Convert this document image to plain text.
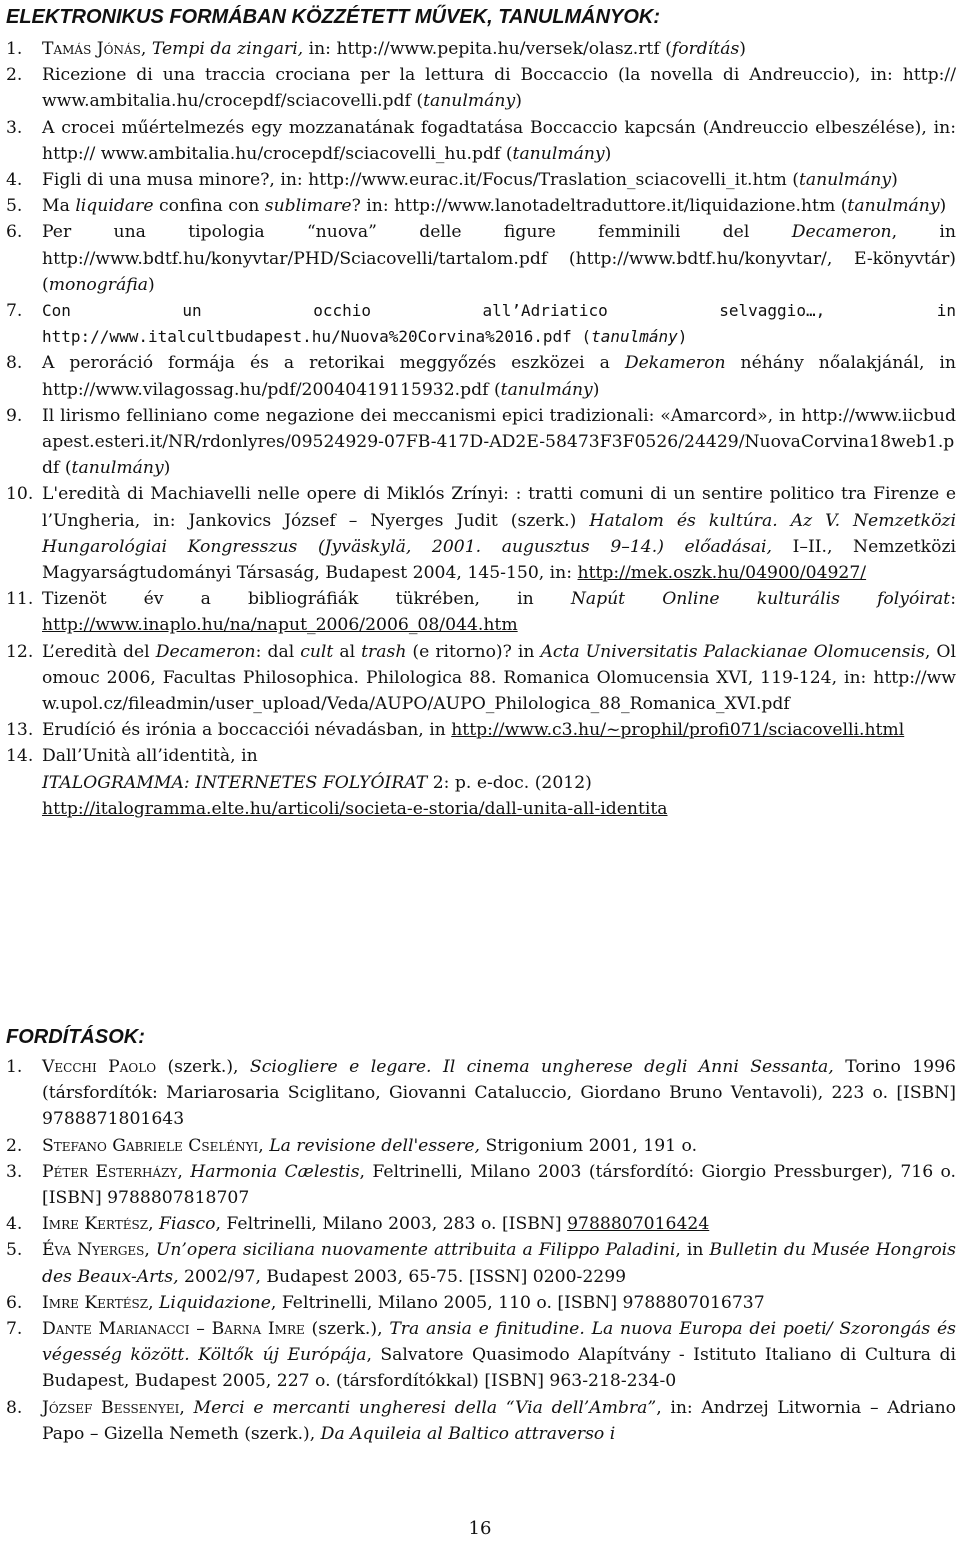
ELEKTRONIKUS FORMÁBAN KÖZZÉTETT MŰVEK, TANULMÁNYOK:
1.	Tamás Jónás, Tempi da zingari, in: http://www.pepita.hu/versek/olasz.rtf (fordítás)
2.	Ricezione di una traccia crociana per la lettura di Boccaccio (la novella di Andreuccio), in: http:// www.ambitalia.hu/crocepdf/sciacovelli.pdf (tanulmány)
3.	A crocei műértelmezés egy mozzanatának fogadtatása Boccaccio kapcsán (Andreuccio elbeszélése), in: http:// www.ambitalia.hu/crocepdf/sciacovelli_hu.pdf (tanulmány)
4.	Figli di una musa minore?, in: http://www.eurac.it/Focus/Traslation_sciacovelli_it.htm (tanulmány)
5.	Ma liquidare confina con sublimare? in: http://www.lanotadeltraduttore.it/liquidazione.htm (tanulmány)
6.	Per una tipologia “nuova” delle figure femminili del Decameron, in http://www.bdtf.hu/konyvtar/PHD/Sciacovelli/tartalom.pdf (http://www.bdtf.hu/konyvtar/, E-könyvtár) (monográfia)
7.	Con un occhio all’Adriatico selvaggio…, in http://www.italcultbudapest.hu/Nuova%20Corvina%2016.pdf (tanulmány)
8.	A peroráció formája és a retorikai meggyőzés eszközei a Dekameron néhány nőalakjánál, in http://www.vilagossag.hu/pdf/20040419115932.pdf (tanulmány)
9.	Il lirismo felliniano come negazione dei meccanismi epici tradizionali: «Amarcord», in http://www.iicbudapest.esteri.it/NR/rdonlyres/09524929-07FB-417D-AD2E-58473F3F0526/24429/NuovaCorvina18web1.pdf (tanulmány)
10. L'eredità di Machiavelli nelle opere di Miklós Zrínyi: : tratti comuni di un sentire politico tra Firenze e l’Ungheria, in: Jankovics József – Nyerges Judit (szerk.) Hatalom és kultúra. Az V. Nemzetközi Hungarológiai Kongresszus (Jyväskylä, 2001. augusztus 9–14.) előadásai, I–II., Nemzetközi Magyarságtudományi Társaság, Budapest 2004, 145-150, in: http://mek.oszk.hu/04900/04927/
11. Tizenöt év a bibliográfiák tükrében, in Napút Online kulturális folyóirat: http://www.inaplo.hu/na/naput_2006/2006_08/044.htm
12. L’eredità del Decameron: dal cult al trash (e ritorno)? in Acta Universitatis Palackianae Olomucensis, Olomouc 2006, Facultas Philosophica. Philologica 88. Romanica Olomucensia XVI, 119-124, in: http://www.upol.cz/fileadmin/user_upload/Veda/AUPO/AUPO_Philologica_88_Romanica_XVI.pdf
13. Erudíció és irónia a boccacciói névadásban, in http://www.c3.hu/~prophil/profi071/sciacovelli.html
14. Dall’Unità all’identità, in
ITALOGRAMMA: INTERNETES FOLYÓIRAT 2: p. e-doc. (2012)
http://italogramma.elte.hu/articoli/societa-e-storia/dall-unita-all-identita
FORDÍTÁSOK:
1.	Vecchi Paolo (szerk.), Sciogliere e legare. Il cinema ungherese degli Anni Sessanta, Torino 1996 (társfordítók: Mariarosaria Sciglitano, Giovanni Cataluccio, Giordano Bruno Ventavoli), 223 o. [ISBN] 9788871801643
2.	Stefano Gabriele Cselényi, La revisione dell'essere, Strigonium 2001, 191 o.
3.	Péter Esterházy, Harmonia Cælestis, Feltrinelli, Milano 2003 (társfordító: Giorgio Pressburger), 716 o. [ISBN] 9788807818707
4.	Imre Kertész, Fiasco, Feltrinelli, Milano 2003, 283 o. [ISBN] 9788807016424
5.	Éva Nyerges, Un’opera siciliana nuovamente attribuita a Filippo Paladini, in Bulletin du Musée Hongrois des Beaux-Arts, 2002/97, Budapest 2003, 65-75. [ISSN] 0200-2299
6.	Imre Kertész, Liquidazione, Feltrinelli, Milano 2005, 110 o. [ISBN] 9788807016737
7.	Dante Marianacci – Barna Imre (szerk.), Tra ansia e finitudine. La nuova Europa dei poeti/ Szorongás és végesség között. Költők új Európája, Salvatore Quasimodo Alapítvány - Istituto Italiano di Cultura di Budapest, Budapest 2005, 227 o. (társfordítókkal) [ISBN] 963-218-234-0
8.	József Bessenyei, Merci e mercanti ungheresi della “Via dell’Ambra”, in: Andrzej Litwornia – Adriano Papo – Gizella Nemeth (szerk.), Da Aquileia al Baltico attraverso i
16
